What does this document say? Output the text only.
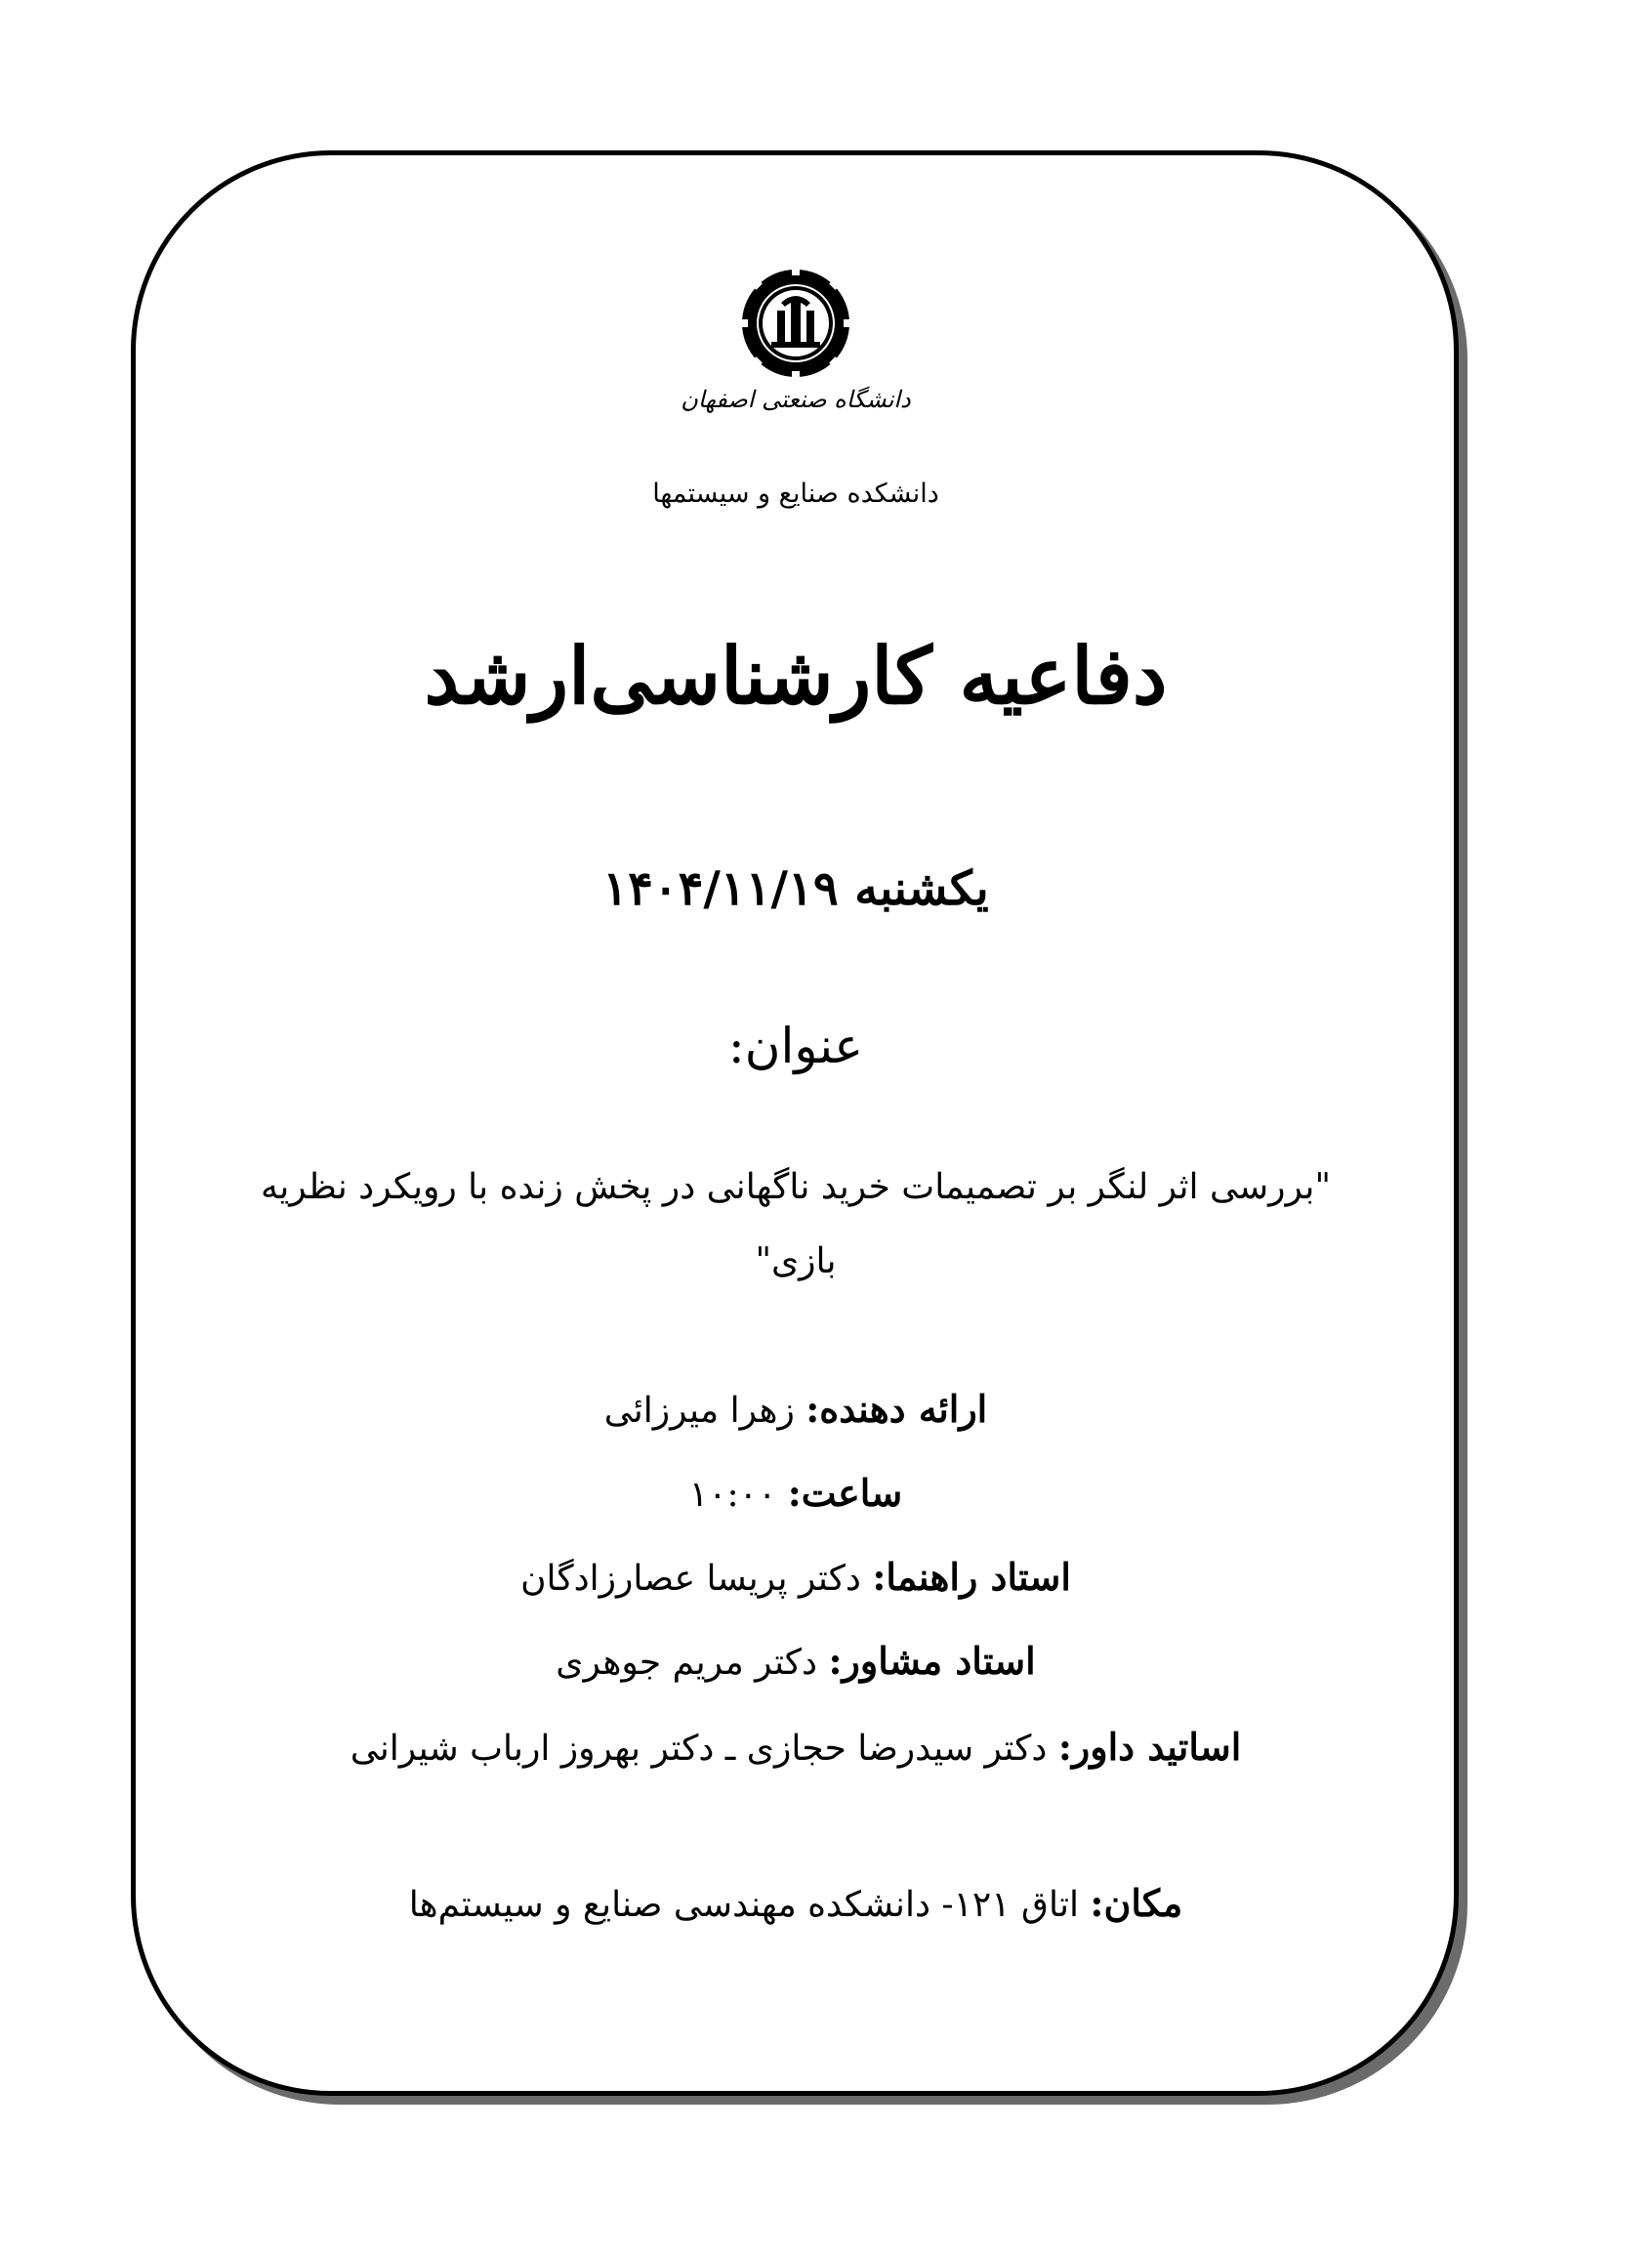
دانشگاه صنعتی اصفهان
دانشکده صنایع و سیستمها
دفاعیه کارشناسی‌ارشد
یکشنبه ۱۴۰۴/۱۱/۱۹
عنوان:
"بررسی اثر لنگر بر تصمیمات خرید ناگهانی در پخش زنده با رویکرد نظریه بازی"
ارائه دهنده: زهرا میرزائی
ساعت: ۱۰:۰۰
استاد راهنما: دکتر پریسا عصارزادگان
استاد مشاور: دکتر مریم جوهری
اساتید داور: دکتر سیدرضا حجازی ـ دکتر بهروز ارباب شیرانی
مکان: اتاق ۱۲۱- دانشکده مهندسی صنایع و سیستم‌ها
